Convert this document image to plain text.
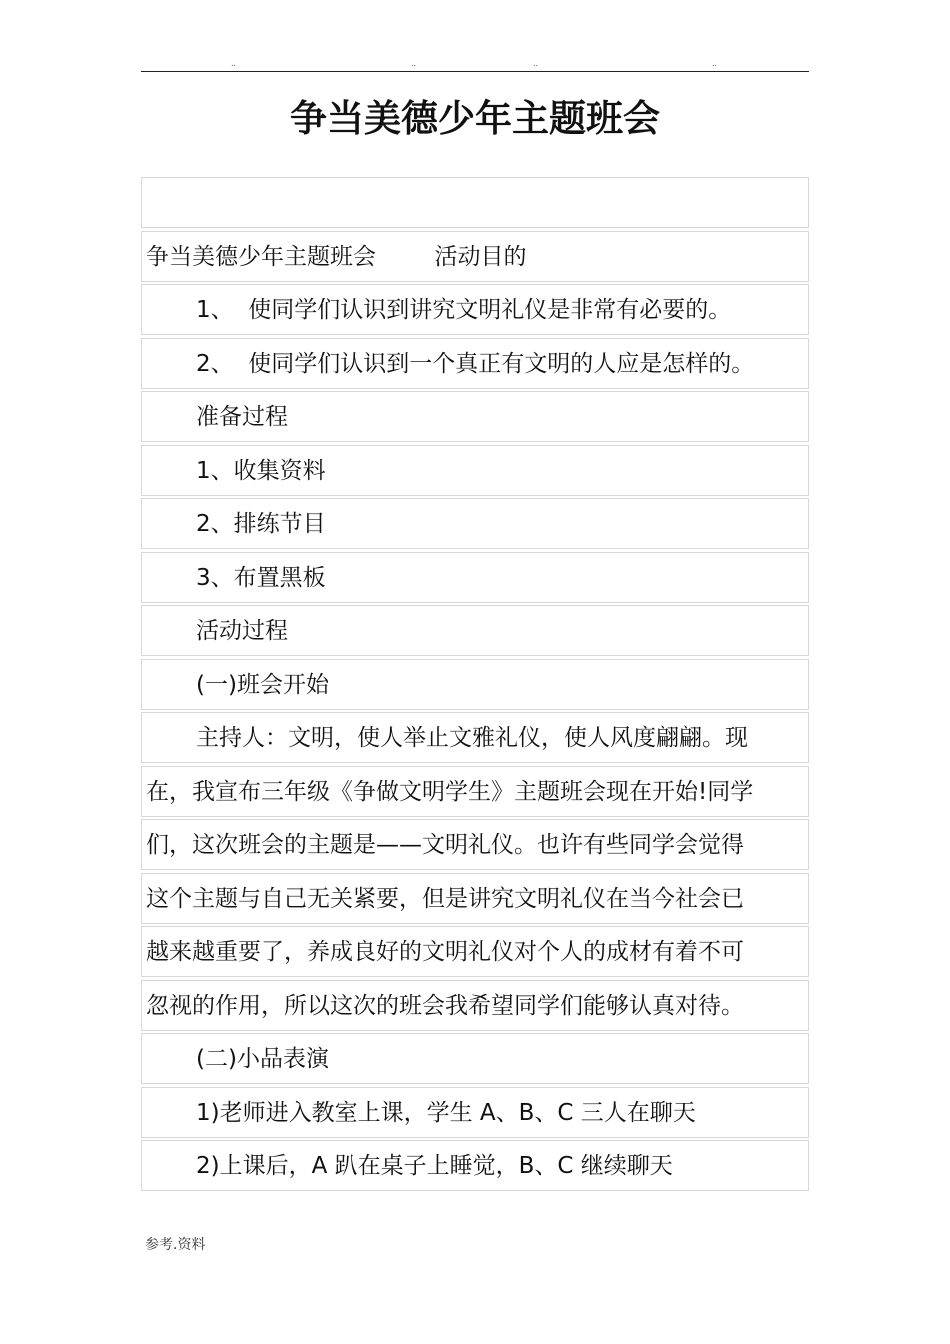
..	..	..	..
争当美德少年主题班会
争当美德少年主题班会        活动目的
1、  使同学们认识到讲究文明礼仪是非常有必要的。
2、  使同学们认识到一个真正有文明的人应是怎样的。
准备过程
1、收集资料
2、排练节目
3、布置黑板
活动过程
(一)班会开始
主持人：文明，使人举止文雅礼仪，使人风度翩翩。现
在，我宣布三年级《争做文明学生》主题班会现在开始!同学
们，这次班会的主题是——文明礼仪。也许有些同学会觉得
这个主题与自己无关紧要，但是讲究文明礼仪在当今社会已
越来越重要了，养成良好的文明礼仪对个人的成材有着不可
忽视的作用，所以这次的班会我希望同学们能够认真对待。
(二)小品表演
1)老师进入教室上课，学生 A、B、C 三人在聊天
2)上课后，A 趴在桌子上睡觉，B、C 继续聊天
参考.资料
